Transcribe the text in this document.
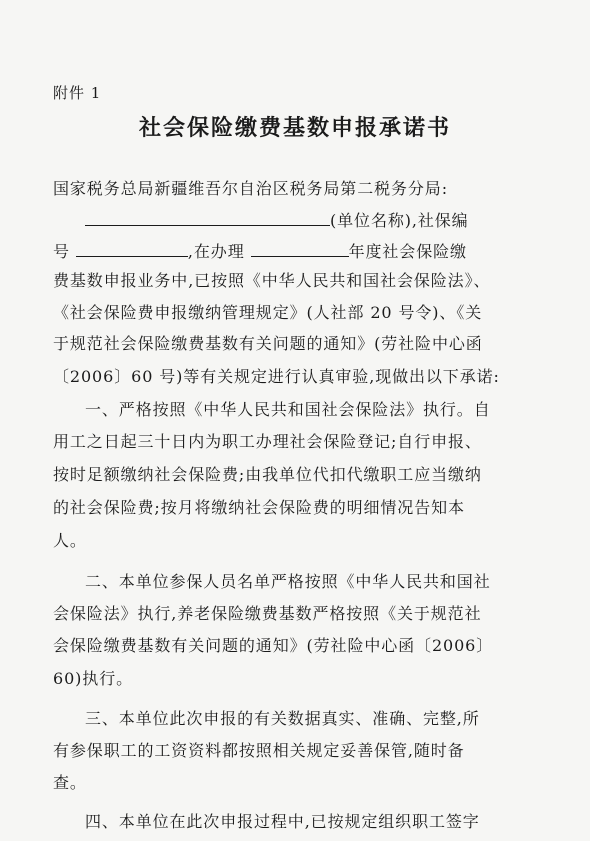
附件 1
社会保险缴费基数申报承诺书
国家税务总局新疆维吾尔自治区税务局第二税务分局:
(单位名称),社保编
号	,在办理	年度社会保险缴
费基数申报业务中,已按照《中华人民共和国社会保险法》、
《社会保险费申报缴纳管理规定》(人社部 20 号令)、《关
于规范社会保险缴费基数有关问题的通知》(劳社险中心函
〔2006〕60 号)等有关规定进行认真审验,现做出以下承诺:
一、严格按照《中华人民共和国社会保险法》执行。自
用工之日起三十日内为职工办理社会保险登记;自行申报、
按时足额缴纳社会保险费;由我单位代扣代缴职工应当缴纳
的社会保险费;按月将缴纳社会保险费的明细情况告知本
人。
二、本单位参保人员名单严格按照《中华人民共和国社
会保险法》执行,养老保险缴费基数严格按照《关于规范社
会保险缴费基数有关问题的通知》(劳社险中心函〔2006〕
60)执行。
三、本单位此次申报的有关数据真实、准确、完整,所
有参保职工的工资资料都按照相关规定妥善保管,随时备
查。
四、本单位在此次申报过程中,已按规定组织职工签字
